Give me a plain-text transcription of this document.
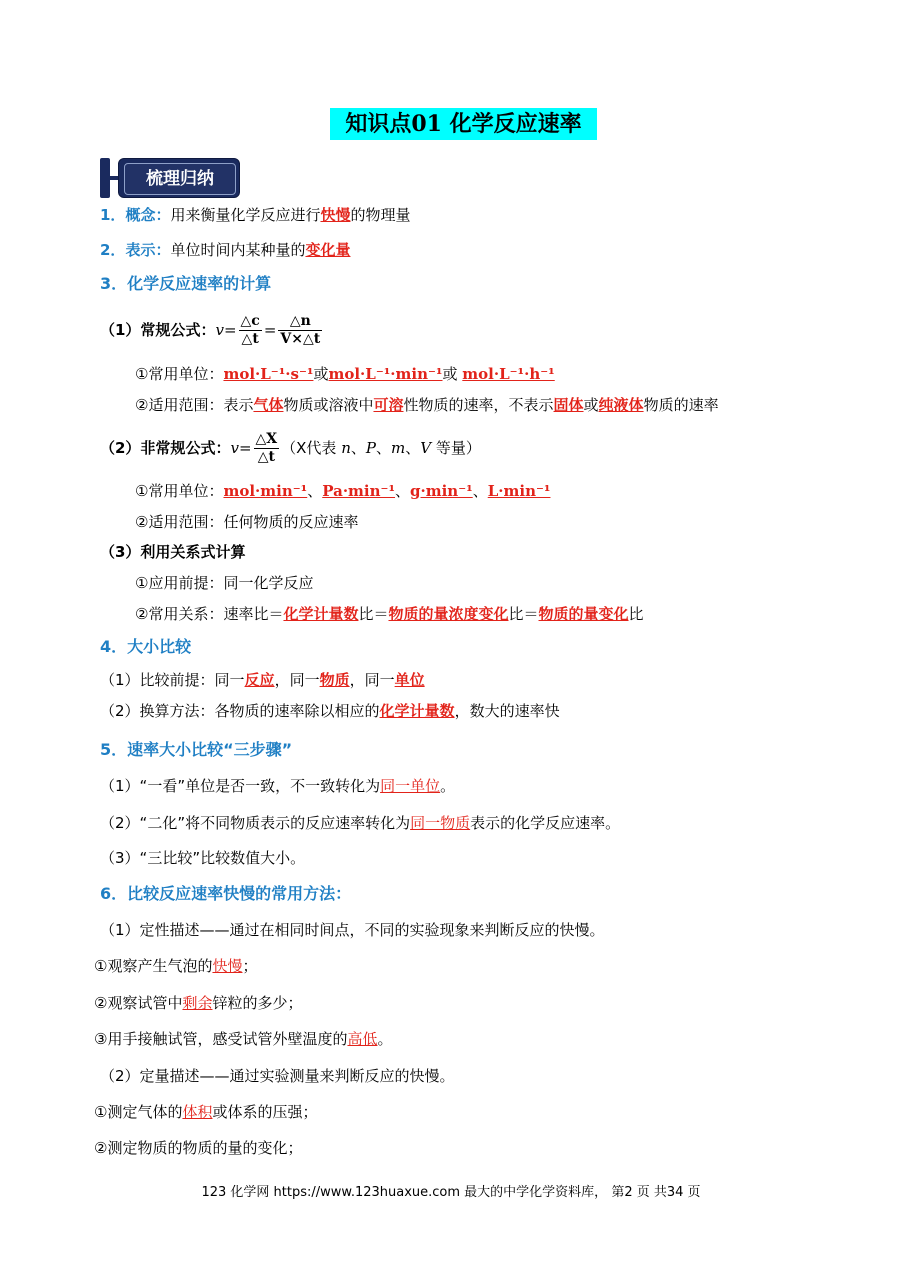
知识点01 化学反应速率
梳理归纳
1．概念：用来衡量化学反应进行快慢的物理量
2．表示：单位时间内某种量的变化量
3．化学反应速率的计算
（1）常规公式：$v= \frac{\triangle c}{\triangle t} = \frac{\triangle n}{V\times\triangle t}$
①常用单位：mol·L⁻¹·s⁻¹或mol·L⁻¹·min⁻¹或 mol·L⁻¹·h⁻¹
②适用范围：表示气体物质或溶液中可溶性物质的速率，不表示固体或纯液体物质的速率
（2）非常规公式：$v= \frac{\triangle X}{\triangle t} (X$代表 n、P、m、V 等量）
①常用单位：mol·min⁻¹、Pa·min⁻¹、g·min⁻¹、L·min⁻¹
②适用范围：任何物质的反应速率
（3）利用关系式计算
①应用前提：同一化学反应
②常用关系：速率比＝化学计量数比＝物质的量浓度变化比＝物质的量变化比
4．大小比较
（1）比较前提：同一反应，同一物质，同一单位
（2）换算方法：各物质的速率除以相应的化学计量数，数大的速率快
5．速率大小比较“三步骤”
（1）“一看”单位是否一致，不一致转化为同一单位。
（2）“二化”将不同物质表示的反应速率转化为同一物质表示的化学反应速率。
（3）“三比较”比较数值大小。
6．比较反应速率快慢的常用方法：
（1）定性描述——通过在相同时间点，不同的实验现象来判断反应的快慢。
①观察产生气泡的快慢；
②观察试管中剩余锌粒的多少；
③用手接触试管，感受试管外壁温度的高低。
（2）定量描述——通过实验测量来判断反应的快慢。
①测定气体的体积或体系的压强；
②测定物质的物质的量的变化；
123 化学网 https://www.123huaxue.com 最大的中学化学资料库， 第2 页 共34 页
